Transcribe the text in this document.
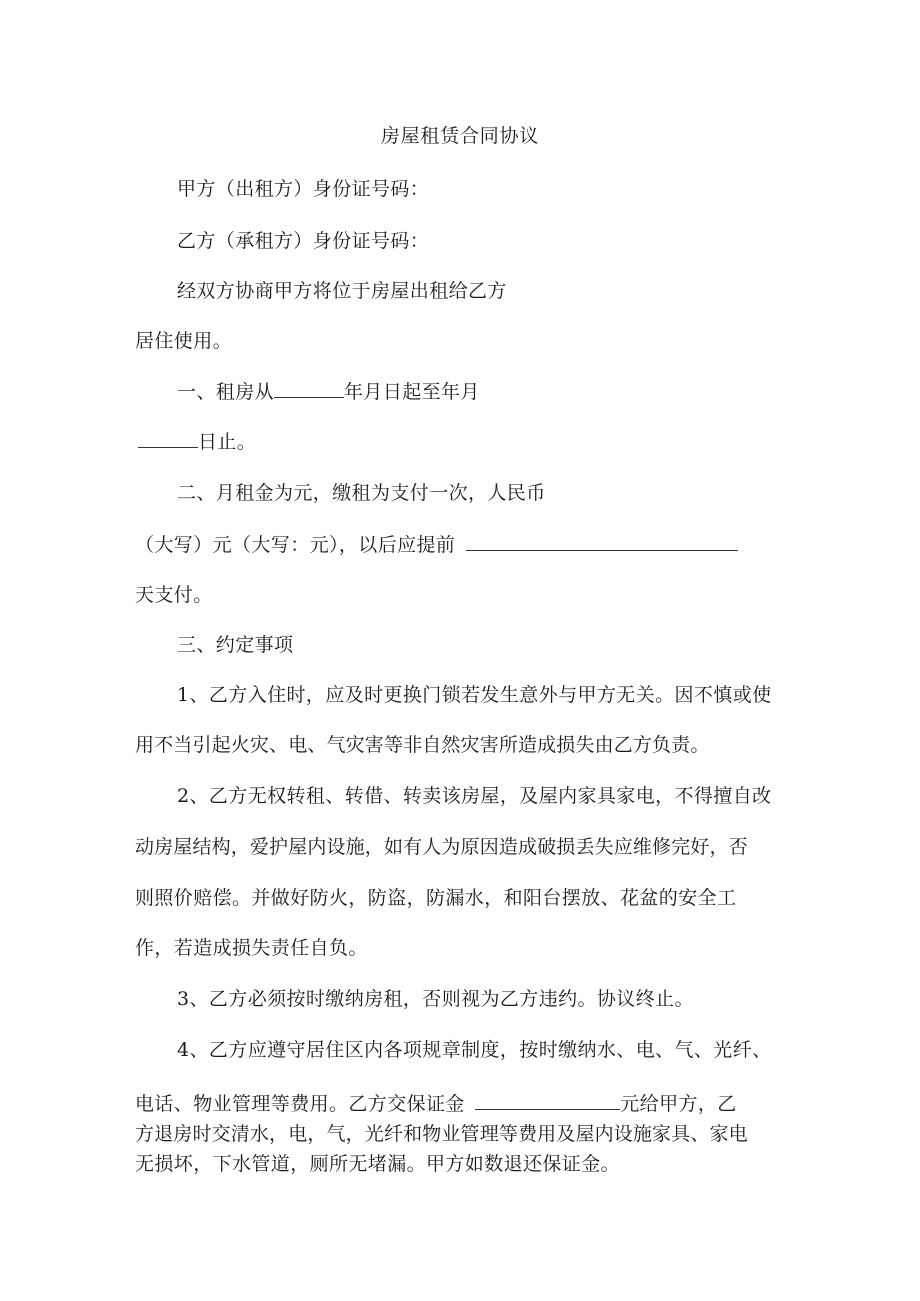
房屋租赁合同协议
甲方（出租方）身份证号码：
乙方（承租方）身份证号码：
经双方协商甲方将位于房屋出租给乙方
居住使用。
一、租房从	年月日起至年月
日止。
二、月租金为元，缴租为支付一次，人民币
（大写）元（大写：元），以后应提前
天支付。
三、约定事项
1、乙方入住时，应及时更换门锁若发生意外与甲方无关。因不慎或使
用不当引起火灾、电、气灾害等非自然灾害所造成损失由乙方负责。
2、乙方无权转租、转借、转卖该房屋，及屋内家具家电，不得擅自改
动房屋结构，爱护屋内设施，如有人为原因造成破损丢失应维修完好，否
则照价赔偿。并做好防火，防盗，防漏水，和阳台摆放、花盆的安全工
作，若造成损失责任自负。
3、乙方必须按时缴纳房租，否则视为乙方违约。协议终止。
4、乙方应遵守居住区内各项规章制度，按时缴纳水、电、气、光纤、
电话、物业管理等费用。乙方交保证金	元给甲方，乙
方退房时交清水，电，气，光纤和物业管理等费用及屋内设施家具、家电
无损坏，下水管道，厕所无堵漏。甲方如数退还保证金。
